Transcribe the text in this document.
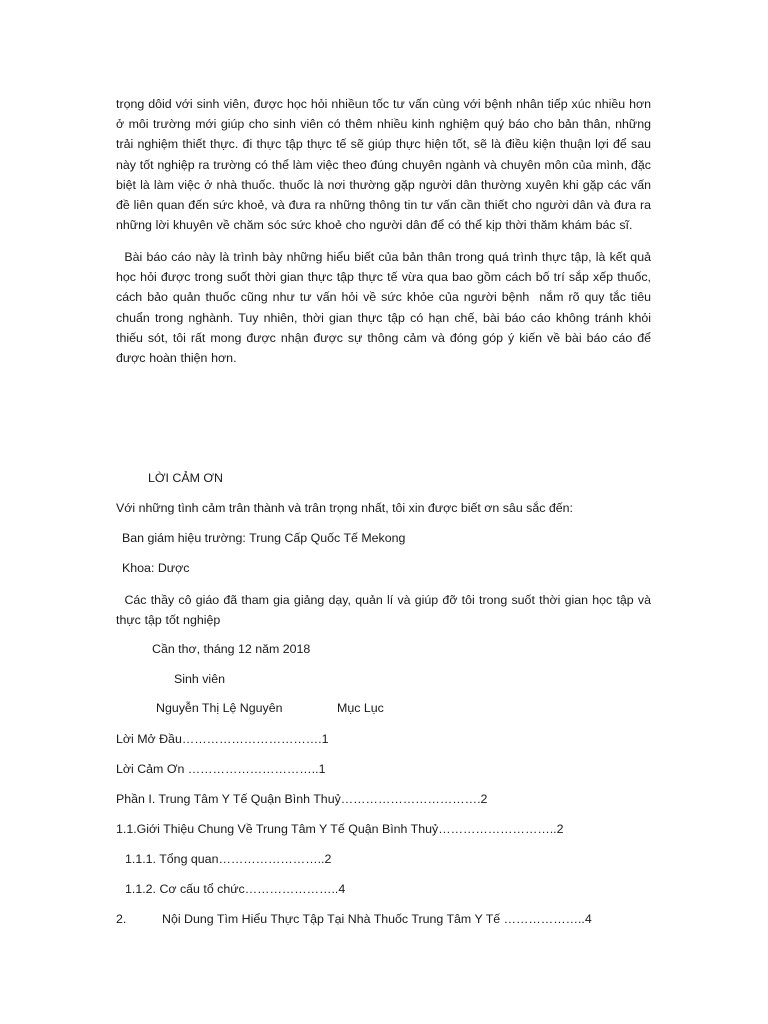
trọng dôid với sinh viên, được học hỏi nhiềun tốc tư vấn cùng với bệnh nhân tiếp xúc nhiều hơn ở môi trường mới giúp cho sinh viên có thêm nhiều kinh nghiệm quý báo cho bản thân, những trải nghiệm thiết thực. đi thực tập thực tế sẽ giúp thực hiện tốt, sẽ là điều kiện thuận lợi để sau này tốt nghiệp ra trường có thể làm việc theo đúng chuyên ngành và chuyên môn của mình, đặc biệt là làm việc ở nhà thuốc. thuốc là nơi thường gặp người dân thường xuyên khi gặp các vấn đề liên quan đến sức khoẻ, và đưa ra những thông tin tư vấn cần thiết cho người dân và đưa ra những lời khuyên về chăm sóc sức khoẻ cho người dân để có thể kịp thời thăm khám bác sĩ.

Bài báo cáo này là trình bày những hiểu biết của bản thân trong quá trình thực tập, là kết quả học hỏi được trong suốt thời gian thực tập thực tế vừa qua bao gồm cách bố trí sắp xếp thuốc, cách bảo quản thuốc cũng như tư vấn hỏi về sức khỏe của người bệnh  nắm rõ quy tắc tiêu chuẩn trong nghành. Tuy nhiên, thời gian thực tập có hạn chế, bài báo cáo không tránh khỏi thiếu sót, tôi rất mong được nhận được sự thông cảm và đóng góp ý kiến về bài báo cáo để được hoàn thiện hơn.

LỜI CẢM ƠN
Với những tình cảm trân thành và trân trọng nhất, tôi xin được biết ơn sâu sắc đến:
Ban giám hiệu trường: Trung Cấp Quốc Tế Mekong
Khoa: Dược

Các thầy cô giáo đã tham gia giảng dạy, quản lí và giúp đỡ tôi trong suốt thời gian học tập và thực tập tốt nghiệp

Cần thơ, tháng 12 năm 2018
Sinh viên
Nguyễn Thị Lệ Nguyên	Mục Lục
Lời Mở Đầu…………………………….1
Lời Cảm Ơn …………………………..1
Phần I. Trung Tâm Y Tế Quận Bình Thuỷ…………………………….2
1.1.Giới Thiệu Chung Về Trung Tâm Y Tế Quận Bình Thuỷ………………………..2
1.1.1. Tổng quan……………………..2
1.1.2. Cơ cấu tổ chức…………………..4
2.	Nội Dung Tìm Hiểu Thực Tập Tại Nhà Thuốc Trung Tâm Y Tế ………………..4
